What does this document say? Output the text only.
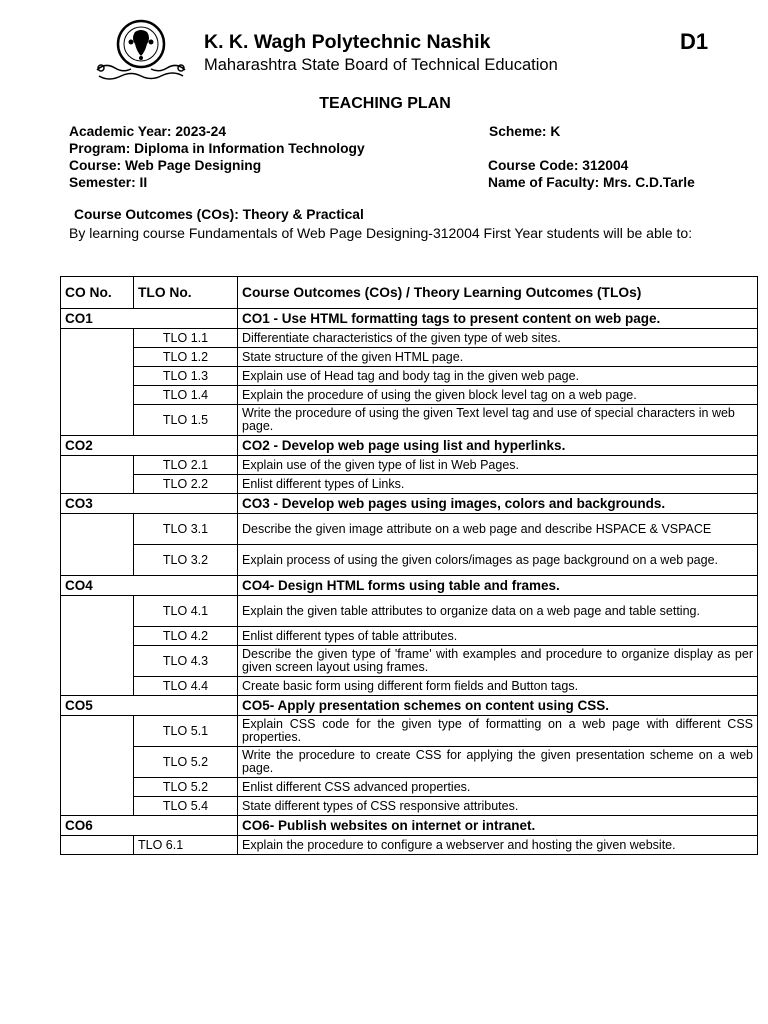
K. K. Wagh Polytechnic Nashik	D1
Maharashtra State Board of Technical Education
TEACHING PLAN
Academic Year: 2023-24	Scheme: K
Program: Diploma in Information Technology
Course: Web Page Designing	Course Code: 312004
Semester: II	Name of Faculty: Mrs. C.D.Tarle
Course Outcomes (COs): Theory & Practical
By learning course Fundamentals of Web Page Designing-312004 First Year students will be able to:
CO No.	TLO No.	Course Outcomes (COs) / Theory Learning Outcomes (TLOs)
CO1		CO1 - Use HTML formatting tags to present content on web page.
	TLO 1.1	Differentiate characteristics of the given type of web sites.
	TLO 1.2	State structure of the given HTML page.
	TLO 1.3	Explain use of Head tag and body tag in the given web page.
	TLO 1.4	Explain the procedure of using the given block level tag on a web page.
	TLO 1.5	Write the procedure of using the given Text level tag and use of special characters in web page.
CO2		CO2 - Develop web page using list and hyperlinks.
	TLO 2.1	Explain use of the given type of list in Web Pages.
	TLO 2.2	Enlist different types of Links.
CO3		CO3 - Develop web pages using images, colors and backgrounds.
	TLO 3.1	Describe the given image attribute on a web page and describe HSPACE & VSPACE
	TLO 3.2	Explain process of using the given colors/images as page background on a web page.
CO4		CO4- Design HTML forms using table and frames.
	TLO 4.1	Explain the given table attributes to organize data on a web page and table setting.
	TLO 4.2	Enlist different types of table attributes.
	TLO 4.3	Describe the given type of 'frame' with examples and procedure to organize display as per given screen layout using frames.
	TLO 4.4	Create basic form using different form fields and Button tags.
CO5		CO5- Apply presentation schemes on content using CSS.
	TLO 5.1	Explain CSS code for the given type of formatting on a web page with different CSS properties.
	TLO 5.2	Write the procedure to create CSS for applying the given presentation scheme on a web page.
	TLO 5.2	Enlist different CSS advanced properties.
	TLO 5.4	State different types of CSS responsive attributes.
CO6		CO6- Publish websites on internet or intranet.
	TLO 6.1	Explain the procedure to configure a webserver and hosting the given website.
